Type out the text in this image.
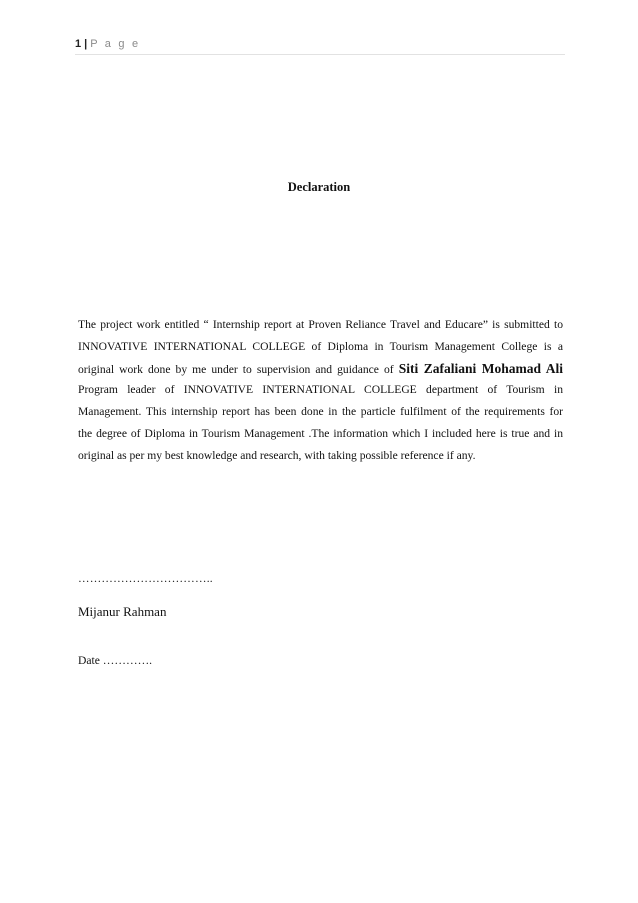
1 | P a g e
Declaration
The project work entitled “ Internship report at Proven Reliance Travel and Educare” is submitted to
INNOVATIVE INTERNATIONAL COLLEGE of Diploma in Tourism Management College is a
original work done by me under to supervision and guidance of Siti Zafaliani Mohamad Ali
Program leader of INNOVATIVE INTERNATIONAL COLLEGE department of Tourism in
Management. This internship report has been done in the particle fulfilment of the requirements for
the degree of Diploma in Tourism Management .The information which I included here is true and in
original as per my best knowledge and research, with taking possible reference if any.
……………………………..
Mijanur Rahman
Date ………….
